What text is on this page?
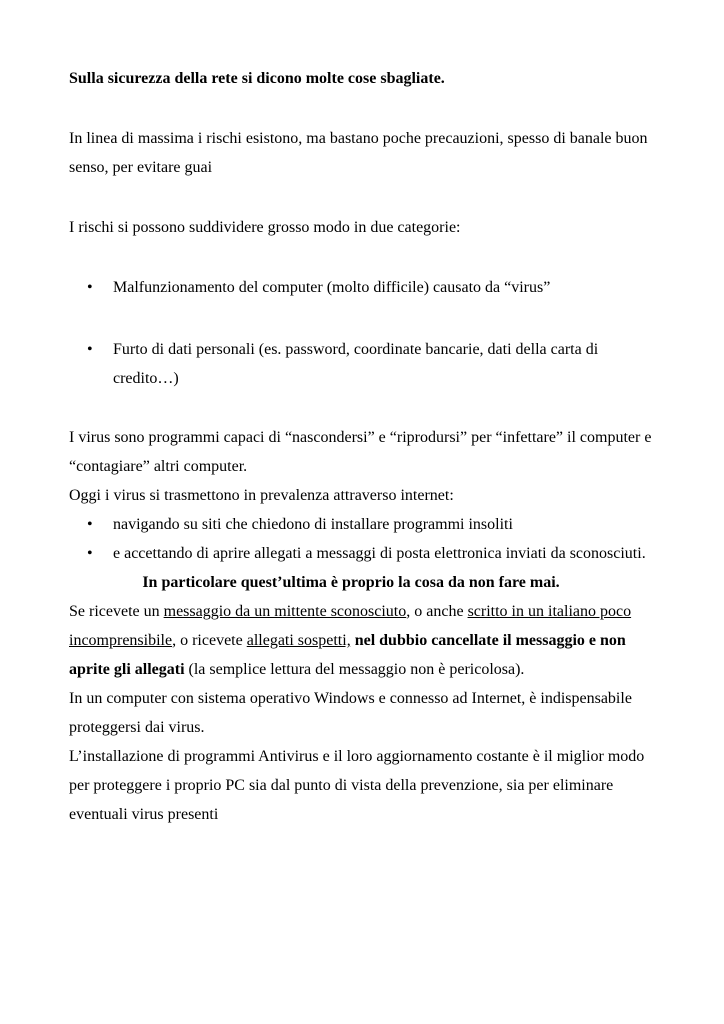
Sulla sicurezza della rete si dicono molte cose sbagliate.

In linea di massima i rischi esistono, ma bastano poche precauzioni, spesso di banale buon senso, per evitare guai

I rischi si possono suddividere grosso modo in due categorie:

• Malfunzionamento del computer (molto difficile) causato da “virus”
• Furto di dati personali (es. password, coordinate bancarie, dati della carta di credito…)

I virus sono programmi capaci di “nascondersi” e “riprodursi” per “infettare” il computer e “contagiare” altri computer.

Oggi i virus si trasmettono in prevalenza attraverso internet:

• navigando su siti che chiedono di installare programmi insoliti
• e accettando di aprire allegati a messaggi di posta elettronica inviati da sconosciuti.

In particolare quest’ultima è proprio la cosa da non fare mai.

Se ricevete un messaggio da un mittente sconosciuto, o anche scritto in un italiano poco incomprensibile, o ricevete allegati sospetti, nel dubbio cancellate il messaggio e non aprite gli allegati (la semplice lettura del messaggio non è pericolosa).

In un computer con sistema operativo Windows e connesso ad Internet, è indispensabile proteggersi dai virus.

L’installazione di programmi Antivirus e il loro aggiornamento costante è il miglior modo per proteggere i proprio PC sia dal punto di vista della prevenzione, sia per eliminare eventuali virus presenti
